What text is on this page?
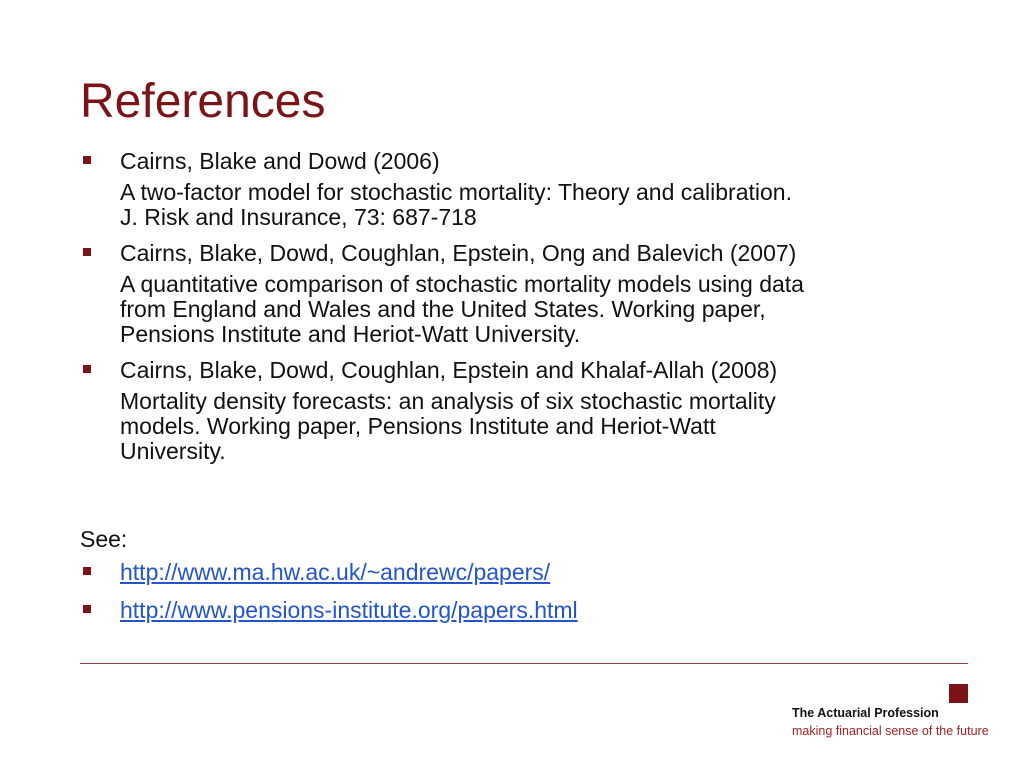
References
Cairns, Blake and Dowd (2006)
A two-factor model for stochastic mortality: Theory and calibration.
J. Risk and Insurance, 73: 687-718
Cairns, Blake, Dowd, Coughlan, Epstein, Ong and Balevich (2007)
A quantitative comparison of stochastic mortality models using data
from England and Wales and the United States. Working paper,
Pensions Institute and Heriot-Watt University.
Cairns, Blake, Dowd, Coughlan, Epstein and Khalaf-Allah (2008)
Mortality density forecasts: an analysis of six stochastic mortality
models. Working paper, Pensions Institute and Heriot-Watt
University.
See:
http://www.ma.hw.ac.uk/~andrewc/papers/
http://www.pensions-institute.org/papers.html
The Actuarial Profession
making financial sense of the future
